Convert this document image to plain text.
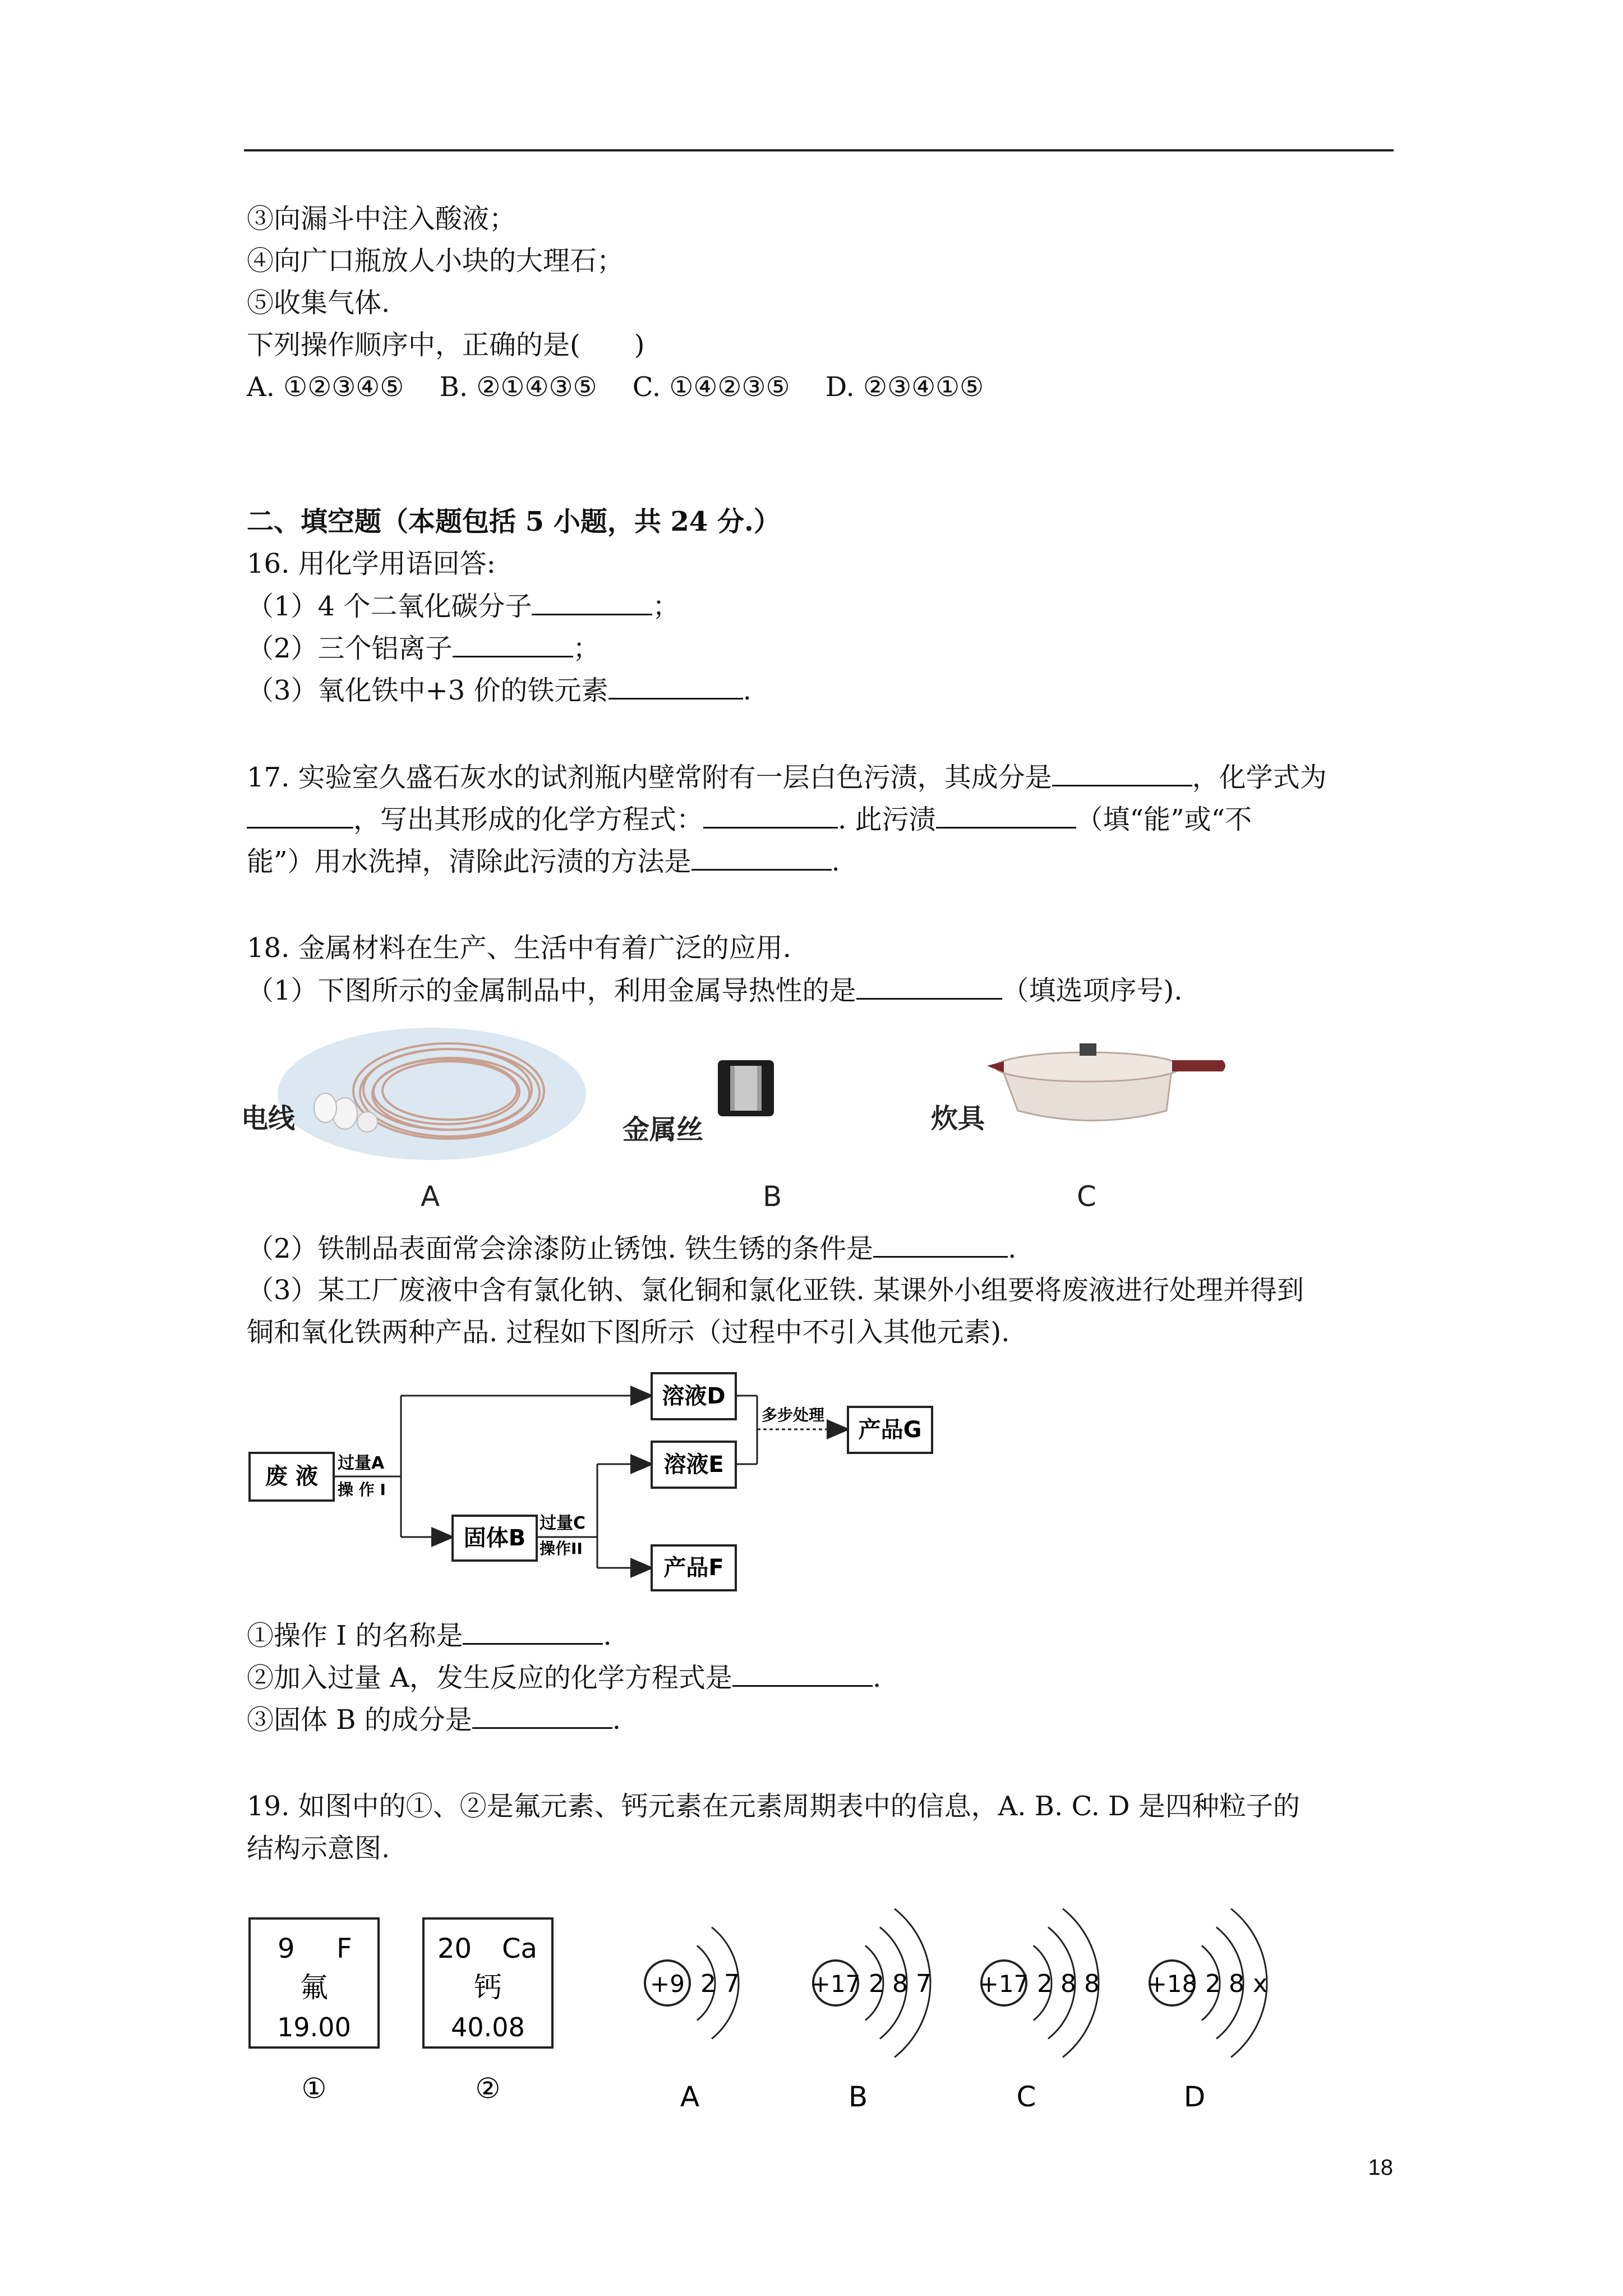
③向漏斗中注入酸液；
④向广口瓶放人小块的大理石；
⑤收集气体.
下列操作顺序中，正确的是(　　)
A. ①②③④⑤　 B. ②①④③⑤　 C. ①④②③⑤　 D. ②③④①⑤
二、填空题（本题包括 5 小题，共 24 分.）
16. 用化学用语回答:
（1）4 个二氧化碳分子	；
（2）三个铝离子	；
（3）氧化铁中+3 价的铁元素	.
17. 实验室久盛石灰水的试剂瓶内壁常附有一层白色污渍，其成分是	，化学式为
，写出其形成的化学方程式：	. 此污渍	（填“能”或“不
能”）用水洗掉，清除此污渍的方法是	.
18. 金属材料在生产、生活中有着广泛的应用.
（1）下图所示的金属制品中，利用金属导热性的是	（填选项序号).
电线
A
金属丝
B
炊具
C
（2）铁制品表面常会涂漆防止锈蚀. 铁生锈的条件是	.
（3）某工厂废液中含有氯化钠、氯化铜和氯化亚铁. 某课外小组要将废液进行处理并得到
铜和氧化铁两种产品. 过程如下图所示（过程中不引入其他元素).
废 液
过量A
操 作 I
溶液D
固体B
过量C
操作II
溶液E
产品F
多步处理
产品G
①操作 I 的名称是	.
②加入过量 A，发生反应的化学方程式是	.
③固体 B 的成分是	.
19. 如图中的①、②是氟元素、钙元素在元素周期表中的信息，A. B. C. D 是四种粒子的
结构示意图.
9 F
氟
19.00
①
20 Ca
钙
40.08
②
+9 2 7
A
+17 2 8 7
B
+17 2 8 8
C
+18 2 8 x
D
18
